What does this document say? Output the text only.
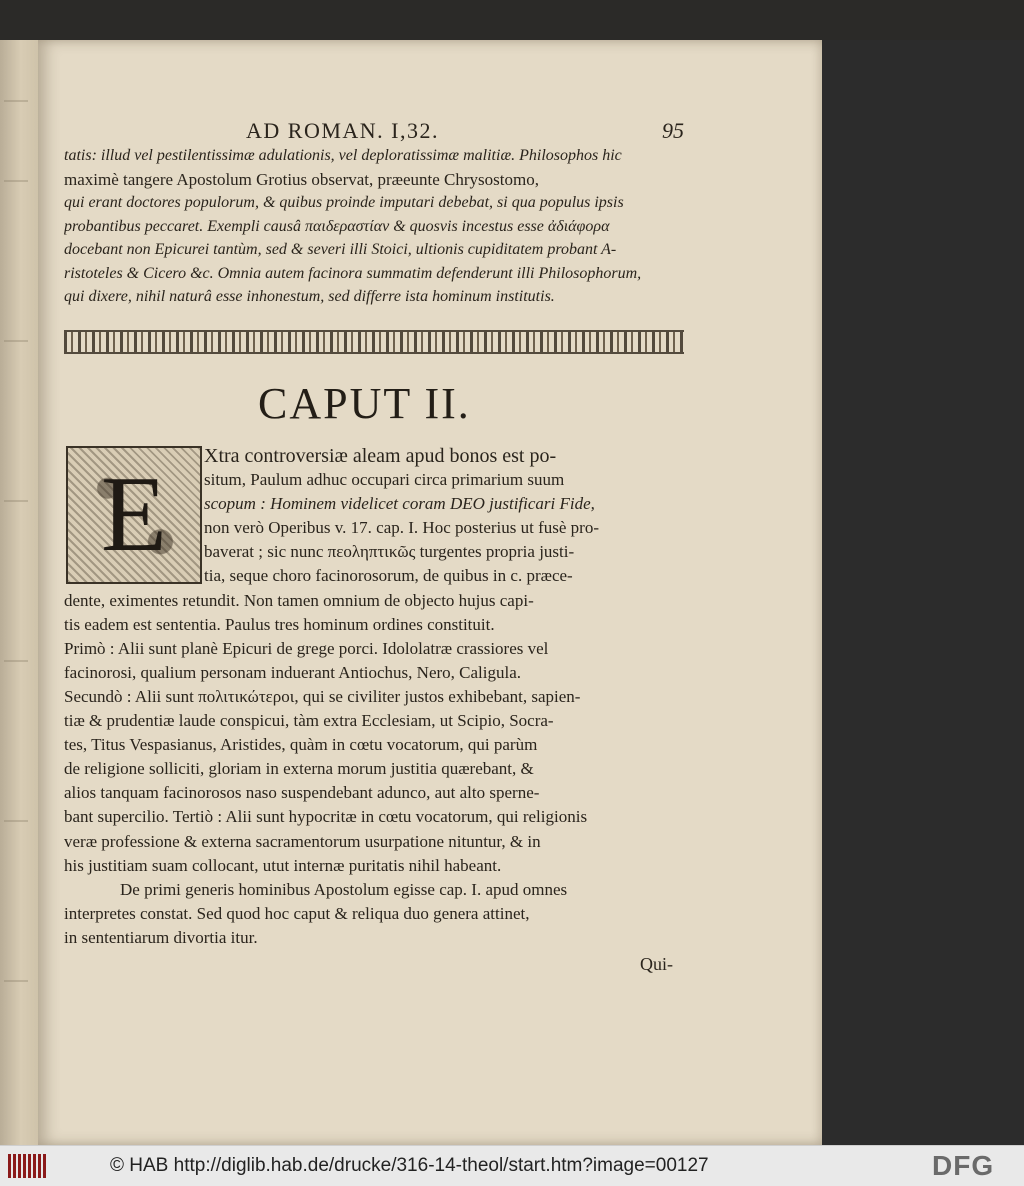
AD ROMAN. I,32.	95
tatis: illud vel pestilentissimæ adulationis, vel deploratissimæ malitiæ. Philosophos hic
maximè tangere Apostolum Grotius observat, præeunte Chrysostomo,
qui erant doctores populorum, & quibus proinde imputari debebat, si qua populus ipsis
probantibus peccaret. Exempli causâ παιδεραστίαν & quosvis incestus esse ἀδιάφορα
docebant non Epicurei tantùm, sed & severi illi Stoici, ultionis cupiditatem probant A-
ristoteles & Cicero &c. Omnia autem facinora summatim defenderunt illi Philosophorum,
qui dixere, nihil naturâ esse inhonestum, sed differre ista hominum institutis.
CAPUT II.
E	Xtra controversiæ aleam apud bonos est po-
situm, Paulum adhuc occupari circa primarium suum
scopum : Hominem videlicet coram DEO justificari Fide,
non verò Operibus v. 17. cap. I. Hoc posterius ut fusè pro-
baverat ; sic nunc πεοληπτικῶς turgentes propria justi-
tia, seque choro facinorosorum, de quibus in c. præce-
dente, eximentes retundit. Non tamen omnium de objecto hujus capi-
tis eadem est sententia. Paulus tres hominum ordines constituit.
Primò : Alii sunt planè Epicuri de grege porci. Idololatræ crassiores vel
facinorosi, qualium personam induerant Antiochus, Nero, Caligula.
Secundò : Alii sunt πολιτικώτεροι, qui se civiliter justos exhibebant, sapien-
tiæ & prudentiæ laude conspicui, tàm extra Ecclesiam, ut Scipio, Socra-
tes, Titus Vespasianus, Aristides, quàm in cœtu vocatorum, qui parùm
de religione solliciti, gloriam in externa morum justitia quærebant, &
alios tanquam facinorosos naso suspendebant adunco, aut alto sperne-
bant supercilio. Tertiò : Alii sunt hypocritæ in cœtu vocatorum, qui religionis
veræ professione & externa sacramentorum usurpatione nituntur, & in
his justitiam suam collocant, utut internæ puritatis nihil habeant.
De primi generis hominibus Apostolum egisse cap. I. apud omnes
interpretes constat. Sed quod hoc caput & reliqua duo genera attinet,
in sententiarum divortia itur.
Qui-
© HAB http://diglib.hab.de/drucke/316-14-theol/start.htm?image=00127	DFG
